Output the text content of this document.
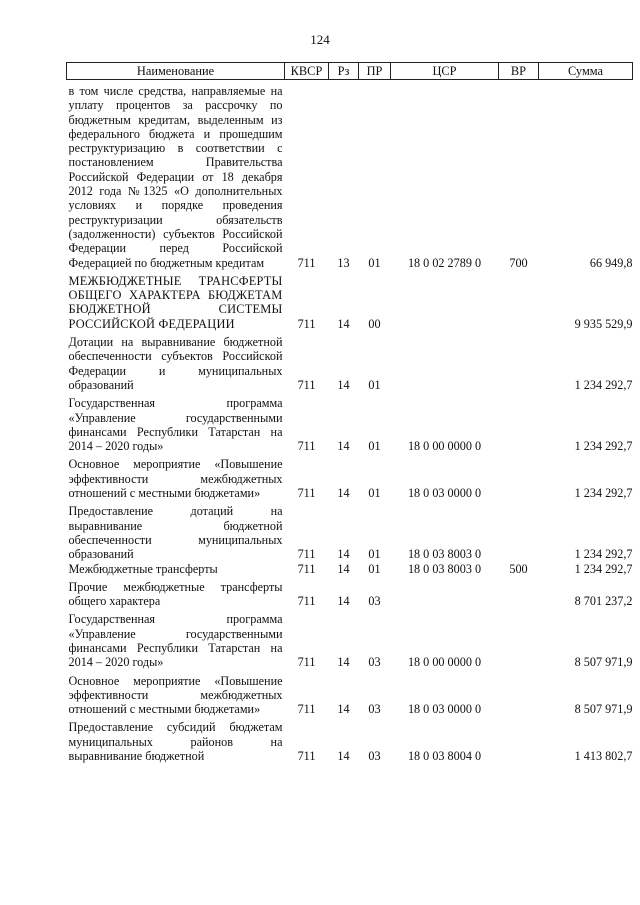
124
Наименование	КВСР	Рз	ПР	ЦСР	ВР	Сумма
в том числе средства, направляемые на уплату процентов за рассрочку по бюджетным кредитам, выделенным из федерального бюджета и прошедшим реструктуризацию в соответствии с постановлением Правительства Российской Федерации от 18 декабря 2012 года №1325 «О дополнительных условиях и порядке проведения реструктуризации обязательств (задолженности) субъектов Российской Федерации перед Российской Федерацией по бюджетным кредитам	711	13	01	18 0 02 2789 0	700	66 949,8
МЕЖБЮДЖЕТНЫЕ ТРАНСФЕРТЫ ОБЩЕГО ХАРАКТЕРА БЮДЖЕТАМ БЮДЖЕТНОЙ СИСТЕМЫ РОССИЙСКОЙ ФЕДЕРАЦИИ	711	14	00			9 935 529,9
Дотации на выравнивание бюджетной обеспеченности субъектов Российской Федерации и муниципальных образований	711	14	01			1 234 292,7
Государственная программа «Управление государственными финансами Республики Татарстан на 2014 – 2020 годы»	711	14	01	18 0 00 0000 0		1 234 292,7
Основное мероприятие «Повышение эффективности межбюджетных отношений с местными бюджетами»	711	14	01	18 0 03 0000 0		1 234 292,7
Предоставление дотаций на выравнивание бюджетной обеспеченности муниципальных образований	711	14	01	18 0 03 8003 0		1 234 292,7
Межбюджетные трансферты	711	14	01	18 0 03 8003 0	500	1 234 292,7
Прочие межбюджетные трансферты общего характера	711	14	03			8 701 237,2
Государственная программа «Управление государственными финансами Республики Татарстан на 2014 – 2020 годы»	711	14	03	18 0 00 0000 0		8 507 971,9
Основное мероприятие «Повышение эффективности межбюджетных отношений с местными бюджетами»	711	14	03	18 0 03 0000 0		8 507 971,9
Предоставление субсидий бюджетам муниципальных районов на выравнивание бюджетной	711	14	03	18 0 03 8004 0		1 413 802,7
